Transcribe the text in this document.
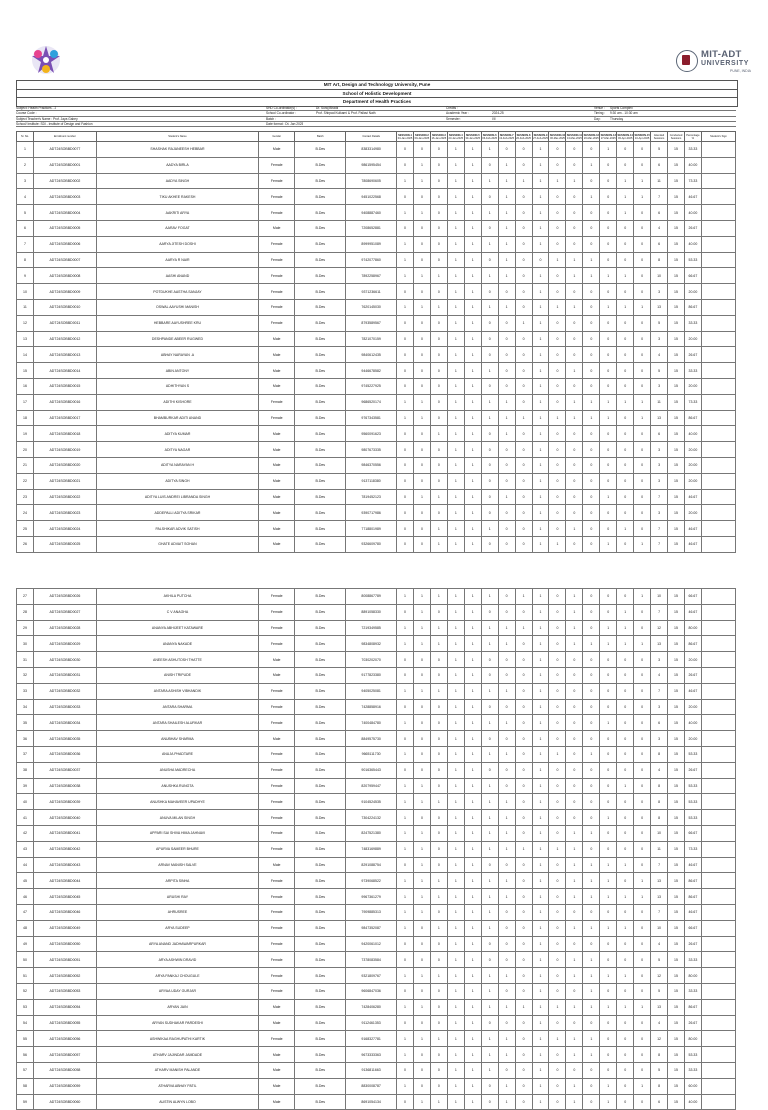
MIT-ADT
UNIVERSITY
PUNE, INDIA
MIT Art, Design and Technology University, Pune
School of Holistic Development
Department of Health Practices
Subject: Health Practices - 2	SHD Co-ordinator(s) :	Dr. Suraj Bhadk	Credits :	Venue : Sports Complex
Course Code :	School Co-ordinator :	Prof. Shirpad Kulkarni & Prof. Pallavi Nath	Academic Year :	2024-25	Timing : 9:30 am - 10:30 am
Subject Teacher's Name : Prof. Jaya Gabey	Batch :	Semester :	I/II	Day :	Thursday
School/ Institute: SDI - Institute of Design and Fashion	Date format : Dt. Jan 2025
Sr. No.	Enrollment number	Student's Name	Gender	Batch	Contact Details	SESSION-1
04-Jan-2025	SESSION-2
09-Jan-2025	SESSION-3
16-Jan-2025	SESSION-4
23-Jan-2025	SESSION-5
30-Jan-2025	SESSION-6
06-Feb-2025	SESSION-7
13-Feb-2025	SESSION-8
20-Feb-2025	SESSION-9
27-Feb-2025	SESSION-10
06-Mar-2025	SESSION-11
13-Mar-2025	SESSION-12
20-Mar-2025	SESSION-13
27-Mar-2025	SESSION-14
03-Apr-2025	SESSION-15
10-Apr-2025	Attended Sessions	Conducted Sessions	Percentage %	Student's Sign
1	ADT24SOBBD0077	SHASHAK RAJANEESH HEBBAR	Male	B.Des	8383314980	0	0	0	1	1	1	0	0	1	0	0	0	1	0	0	5	15	33.33	
2	ADT24SOBBD0001	AADYA BIRLA	Female	B.Des	9861595454	0	1	0	1	1	0	1	0	1	0	0	1	0	0	0	6	15	40.00	
3	ADT24SOBBD0002	AADYA SINGH	Female	B.Des	7808690605	1	1	0	1	1	1	1	1	1	1	1	0	0	1	1	11	15	73.33	
4	ADT24SOBBD0003	TIKU AKHEE RAKESH	Female	B.Des	9451022568	0	0	0	1	1	0	1	0	1	0	0	1	0	1	1	7	15	46.67	
5	ADT24SOBBD0004	AAKRITI ARYA	Female	B.Des	9408887460	1	1	0	1	1	1	1	0	1	0	0	0	0	1	0	6	15	40.00	
6	ADT24SOBBD0005	AARAV FOGAT	Male	B.Des	7208652881	0	0	0	1	1	0	1	0	1	0	0	0	0	0	0	4	15	26.67	
7	ADT24SOBBD0006	AARYA JITESH DOSHI	Female	B.Des	8999951089	1	0	0	1	1	1	1	0	1	0	0	0	0	0	0	6	15	40.00	
8	ADT24SOBBD0007	AARYA R NAIR	Female	B.Des	9742077860	1	0	0	1	1	0	1	0	0	1	1	1	0	0	0	8	15	53.33	
9	ADT24SOBBD0008	AASHI ANAND	Female	B.Des	7892258967	1	1	1	1	1	1	1	0	1	0	1	1	1	1	0	10	15	66.67	
10	ADT24SOBBD0009	POTDUKHE AASTHA SANJAY	Female	B.Des	9371236611	0	0	0	1	1	0	0	0	1	0	0	0	0	0	0	3	15	20.00	
11	ADT24SOBBD0010	OSWAL AAYUSHI MANISH	Female	B.Des	7620145030	1	1	1	1	1	1	1	0	1	1	1	0	1	1	1	13	15	86.67	
12	ADT24SOBBD0011	HEBBARE AAYUSHREE KRU	Female	B.Des	8793589567	0	0	0	1	1	0	0	1	1	0	0	0	0	0	0	5	15	33.33	
13	ADT24SOBBD0012	DESHPANDE ABEER RUGWED	Male	B.Des	7821070159	0	0	0	1	1	0	0	0	1	0	0	0	0	0	0	3	15	20.00	
14	ADT24SOBBD0013	ABHAY NARAYAN .A	Male	B.Des	9840612435	0	0	0	1	1	0	0	0	1	0	0	0	0	0	0	4	15	26.67	
15	ADT24SOBBD0014	ABIN ANTONY	Male	B.Des	9446678582	0	0	0	1	1	1	0	0	1	0	1	0	0	0	0	5	15	33.33	
16	ADT24SOBBD0015	ADHITHYAN S	Male	B.Des	9745227925	0	0	0	1	1	0	0	0	1	0	0	0	0	0	0	3	15	20.00	
17	ADT24SOBBD0016	ADITHI KISHORE	Female	B.Des	9686520174	1	1	0	1	1	1	1	0	1	0	1	1	1	1	1	11	15	73.33	
18	ADT24SOBBD0017	BHAMBURKAR ADITI ANAND	Female	B.Des	9767343581	1	1	0	1	1	1	1	1	1	1	1	1	1	0	1	13	15	86.67	
19	ADT24SOBBD0018	ADITYA KUMAR	Male	B.Des	9560091623	0	0	1	1	1	0	1	0	1	0	0	0	0	0	0	6	15	40.00	
20	ADT24SOBBD0019	ADITYA NAGAR	Male	B.Des	9807673335	0	0	0	1	1	0	0	0	1	0	0	0	0	0	0	3	15	20.00	
21	ADT24SOBBD0020	ADITYA NARAYAN H	Male	B.Des	9846370556	0	0	0	1	1	0	0	0	1	0	0	0	0	0	0	3	15	20.00	
22	ADT24SOBBD0021	ADITYA SINGH	Male	B.Des	9137118380	0	0	0	1	1	0	0	0	1	0	0	0	0	0	0	3	15	20.00	
23	ADT24SOBBD0022	ADITYA LUIS ANDREI LIBRANDA SINGH	Male	B.Des	7819452123	0	1	1	1	1	0	1	0	1	0	0	0	1	0	0	7	15	46.67	
24	ADT24SOBBD0023	ADDEPALLI ADITYA SRIKAR	Male	B.Des	9390717986	0	0	0	1	1	0	0	0	1	0	0	0	0	0	0	3	15	20.00	
25	ADT24SOBBD0024	PALSHIKAR ADVIK SATISH	Male	B.Des	7718801989	0	0	1	1	1	1	0	0	1	0	1	0	0	1	0	7	15	46.67	
26	ADT24SOBBD0025	GHATE ADVAIT SOHAN	Male	B.Des	9326609780	0	0	1	1	1	0	0	0	1	1	0	0	1	0	1	7	15	46.67	
27	ADT24SOBBD0026	AKHILA PUTCHA	Female	B.Des	8008867789	1	1	1	1	1	1	0	1	1	0	1	0	0	0	1	10	15	66.67	
28	ADT24SOBBD0027	C V ANAGHA	Female	B.Des	8891058330	0	1	0	1	1	0	0	0	1	0	1	0	0	1	0	7	15	46.67	
29	ADT24SOBBD0028	ANANYA ABHIJEET KATAWARE	Female	B.Des	7219349585	1	1	1	1	1	1	1	1	1	0	1	0	1	1	0	12	15	80.00	
30	ADT24SOBBD0029	ANANYA NAKADE	Female	B.Des	9834808932	1	1	1	1	1	1	1	0	1	0	1	1	1	1	1	13	15	86.67	
31	ADT24SOBBD0030	ANEESH ASHUTOSH THATTE	Male	B.Des	7030202070	0	0	0	1	1	0	0	0	1	0	0	0	0	0	0	3	15	20.00	
32	ADT24SOBBD0031	ANISH TRIPUDE	Male	B.Des	9177823380	0	0	0	1	1	0	0	0	1	0	0	0	0	0	0	4	15	26.67	
33	ADT24SOBBD0032	ANTARA ASHISH VIBHANDIK	Female	B.Des	9405025081	1	1	1	1	1	1	1	0	1	0	0	0	0	0	0	7	15	46.67	
34	ADT24SOBBD0033	ANTARA SHARMA	Female	B.Des	7428858916	0	0	0	1	1	0	0	0	1	0	0	0	0	0	0	3	15	20.00	
35	ADT24SOBBD0034	ANTARA SHAILESH ALURKAR	Female	B.Des	7400484780	1	0	0	1	1	1	1	0	1	0	0	0	1	0	0	6	15	40.00	
36	ADT24SOBBD0035	ANUBHAV SHARMA	Male	B.Des	8849575730	0	0	0	1	1	0	0	0	1	0	0	0	0	0	0	3	15	20.00	
37	ADT24SOBBD0036	ANUJA PHADTARE	Female	B.Des	9665111730	1	0	0	1	1	1	1	0	1	1	0	1	0	0	0	8	15	53.33	
38	ADT24SOBBD0037	ANUSHA MADRECHA	Female	B.Des	9016365443	0	0	0	1	1	0	0	0	1	0	0	0	0	0	0	4	15	26.67	
39	ADT24SOBBD0038	ANUSHKA RUNGTA	Female	B.Des	8207959447	1	1	0	1	1	1	0	0	1	0	0	0	0	1	0	8	15	53.33	
40	ADT24SOBBD0039	ANUSHKA MAHAVEER UPADHYE	Female	B.Des	9104524535	1	1	1	1	1	1	1	0	1	0	0	0	0	0	0	8	15	53.33	
41	ADT24SOBBD0040	ANUVA MILAN SINGH	Female	B.Des	7304224132	1	0	0	1	1	1	1	0	1	0	0	0	1	0	0	8	15	53.33	
42	ADT24SOBBD0041	APPARI SAI SHIVA HIMA JAHNAVI	Female	B.Des	8247521380	1	1	0	1	1	1	1	0	1	0	1	1	0	0	0	10	15	66.67	
43	ADT24SOBBD0042	APURVA SAMEER BHURE	Female	B.Des	7483169889	1	1	0	1	1	1	1	1	1	1	1	0	0	0	0	11	15	73.33	
44	ADT24SOBBD0043	ARNAV MANISH SALVE	Male	B.Des	8291088754	0	1	0	1	1	0	0	0	1	0	1	1	1	1	0	7	15	46.67	
45	ADT24SOBBD0044	ARPITA SINHA	Female	B.Des	9739068522	1	1	1	1	1	1	1	0	1	0	1	1	1	0	1	13	15	86.67	
46	ADT24SOBBD0045	ARUSHI RAY	Female	B.Des	9967361279	1	1	1	1	1	1	1	0	1	0	1	1	1	1	1	13	15	86.67	
47	ADT24SOBBD0046	AHRUSREE	Female	B.Des	7909885313	1	1	0	1	1	1	0	0	1	0	0	0	0	0	0	7	15	46.67	
48	ADT24SOBBD0049	ARYA SUDEEP	Female	B.Des	9847352087	1	0	1	1	1	1	0	0	1	0	1	1	1	1	0	10	15	66.67	
49	ADT24SOBBD0050	ARYA ANAND JADHAWARPURKAR	Female	B.Des	9420061012	0	0	0	1	1	0	0	0	1	0	0	0	0	0	0	4	15	26.67	
50	ADT24SOBBD0051	ARYA ASHWIN DRAVID	Female	B.Des	7378083584	0	0	0	1	1	0	0	0	1	0	1	1	0	0	0	5	15	33.33	
51	ADT24SOBBD0052	ARYA PANKAJ CHOUGULE	Female	B.Des	9321809767	1	1	1	1	1	1	1	0	1	0	1	1	1	1	0	12	15	80.00	
52	ADT24SOBBD0053	ARYAA UDAY GURJAR	Female	B.Des	9606847036	0	0	0	1	1	1	0	0	1	0	0	1	0	0	0	5	15	33.33	
53	ADT24SOBBD0054	ARYAN JAIN	Male	B.Des	7428406280	1	1	0	1	1	1	1	1	1	1	1	1	1	1	1	13	15	86.67	
54	ADT24SOBBD0055	ARYAN SUDHAKAR PARDESHI	Male	B.Des	9112461353	0	0	0	1	1	0	0	0	1	0	0	0	0	0	0	4	15	26.67	
55	ADT24SOBBD0056	ASHWIKAA RAGHUPATHI KARTIK	Female	B.Des	9168327781	1	1	1	1	1	1	1	0	1	1	1	1	0	0	0	12	15	80.00	
56	ADT24SOBBD0057	ATHARV JAJINDAR JAMDADE	Male	B.Des	9673333363	1	0	0	1	1	1	1	0	1	0	1	1	0	0	0	8	15	53.33	
57	ADT24SOBBD0058	ATHARV MANISH PALANDE	Male	B.Des	9136811663	0	0	0	1	1	1	0	0	1	0	0	0	0	0	0	5	15	33.33	
58	ADT24SOBBD0059	ATHARVA ABHAY PATIL	Male	B.Des	8830008787	1	0	0	1	1	0	1	0	1	0	1	0	1	0	1	8	15	60.00	
59	ADT24SOBBD0060	AUSTIN ALWYN LOBO	Male	B.Des	8691054134	0	1	1	1	1	0	1	0	1	0	1	0	1	0	0	6	15	40.00	
